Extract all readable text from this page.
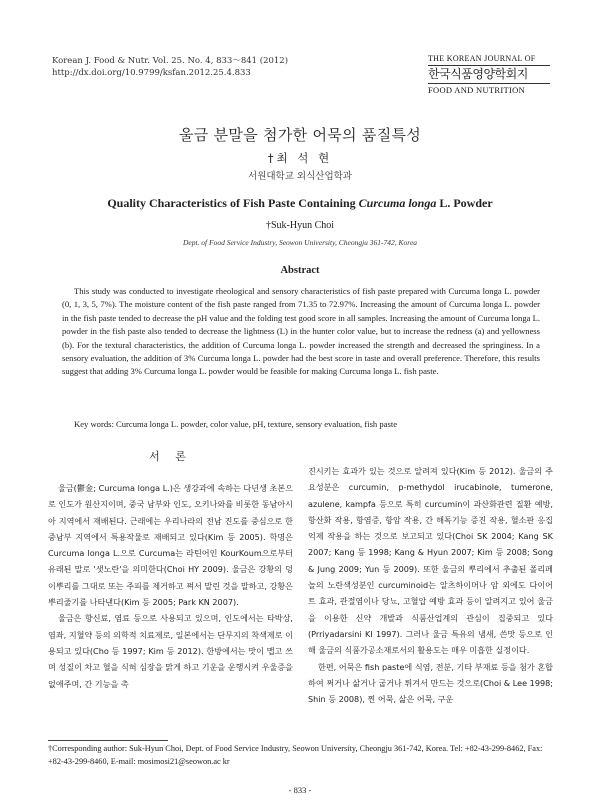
Korean J. Food & Nutr. Vol. 25. No. 4, 833～841 (2012)
http://dx.doi.org/10.9799/ksfan.2012.25.4.833
THE KOREAN JOURNAL OF
한국식품영양학회지
FOOD AND NUTRITION
울금 분말을 첨가한 어묵의 품질특성
†최 석 현
서원대학교 외식산업학과
Quality Characteristics of Fish Paste Containing Curcuma longa L. Powder
†Suk-Hyun Choi
Dept. of Food Service Industry, Seowon University, Cheongju 361-742, Korea
Abstract

This study was conducted to investigate rheological and sensory characteristics of fish paste prepared with Curcuma longa L. powder (0, 1, 3, 5, 7%). The moisture content of the fish paste ranged from 71.35 to 72.97%. Increasing the amount of Curcuma longa L. powder in the fish paste tended to decrease the pH value and the folding test good score in all samples. Increasing the amount of Curcuma longa L. powder in the fish paste also tended to decrease the lightness (L) in the hunter color value, but to increase the redness (a) and yellowness (b). For the textural characteristics, the addition of Curcuma longa L. powder increased the strength and decreased the springiness. In a sensory evaluation, the addition of 3% Curcuma longa L. powder had the best score in taste and overall preference. Therefore, this results suggest that adding 3% Curcuma longa L. powder would be feasible for making Curcuma longa L. fish paste.

Key words: Curcuma longa L. powder, color value, pH, texture, sensory evaluation, fish paste

서 론

울금(鬱金; Curcuma longa L.)은 생강과에 속하는 다년생 초본으로 인도가 원산지이며, 중국 남부와 인도, 오키나와를 비롯한 동남아시아 지역에서 재배된다. 근래에는 우리나라의 전남 진도를 중심으로 한 중남부 지역에서 특용작물로 재배되고 있다(Kim 등 2005). 학명은 Curcuma longa L.으로 Curcuma는 라틴어인 KourKoum으로부터 유래된 말로 '샛노란'을 의미한다(Choi HY 2009). 울금은 강황의 덩이뿌리를 그대로 또는 주피를 제거하고 쪄서 말린 것을 말하고, 강황은 뿌리줄기를 나타낸다(Kim 등 2005; Park KN 2007).

울금은 향신료, 염료 등으로 사용되고 있으며, 인도에서는 타박상, 염좌, 지혈약 등의 의학적 치료제로, 일본에서는 단무지의 착색제로 이용되고 있다(Cho 등 1997; Kim 등 2012). 한방에서는 맛이 맵고 쓰며 성질이 차고 혈을 식혀 심장을 맑게 하고 기운을 운행시켜 우울증을 없애주며, 간 기능을 촉

진시키는 효과가 있는 것으로 알려져 있다(Kim 등 2012). 울금의 주요성분은 curcumin, p-methydol irucabinole, tumerone, azulene, kampfa 등으로 특히 curcumin이 과산화관련 질환 예방, 항산화 작용, 항염증, 항암 작용, 간 해독기능 증진 작용, 혈소판 응집억제 작용을 하는 것으로 보고되고 있다(Choi SK 2004; Kang SK 2007; Kang 등 1998; Kang & Hyun 2007; Kim 등 2008; Song & Jung 2009; Yun 등 2009). 또한 울금의 뿌리에서 추출된 폴리페놀의 노란색성분인 curcuminoid는 알츠하이머나 암 외에도 다이어트 효과, 관절염이나 당뇨, 고혈압 예방 효과 등이 알려지고 있어 울금을 이용한 신약 개발과 식품산업계의 관심이 집중되고 있다(Prriyadarsini KI 1997). 그러나 울금 특유의 냄새, 쓴맛 등으로 인해 울금의 식품가공소재로서의 활용도는 매우 미흡한 실정이다.

한편, 어묵은 fish paste에 식염, 전분, 기타 부재료 등을 첨가 혼합하여 쩌거나 삶거나 굽거나 튀겨서 만드는 것으로(Choi & Lee 1998; Shin 등 2008), 찐 어묵, 삶은 어묵, 구운

†Corresponding author: Suk-Hyun Choi, Dept. of Food Service Industry, Seowon University, Cheongju 361-742, Korea. Tel: +82-43-299-8462, Fax: +82-43-299-8460, E-mail: mosimosi21@seowon.ac kr

- 833 -
